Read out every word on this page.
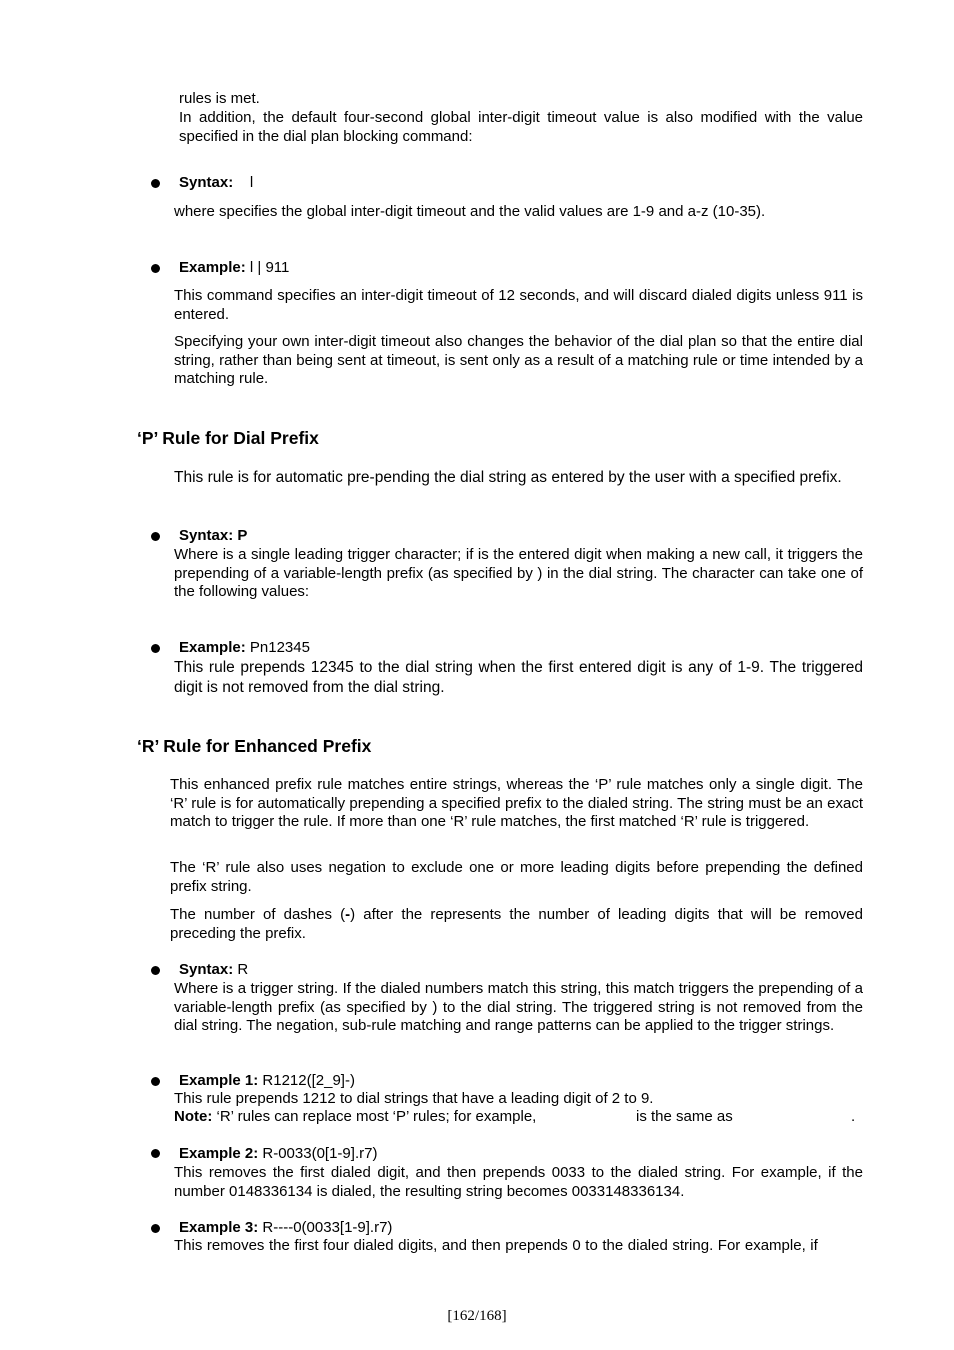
rules is met.
In addition, the default four-second global inter-digit timeout value is also modified with the value specified in the dial plan blocking command:
Syntax: l
where specifies the global inter-digit timeout and the valid values are 1-9 and a-z (10-35).
Example: l | 911
This command specifies an inter-digit timeout of 12 seconds, and will discard dialed digits unless 911 is entered.
Specifying your own inter-digit timeout also changes the behavior of the dial plan so that the entire dial string, rather than being sent at timeout, is sent only as a result of a matching rule or time intended by a matching rule.
‘P’ Rule for Dial Prefix
This rule is for automatic pre-pending the dial string as entered by the user with a specified prefix.
Syntax: P
Where is a single leading trigger character; if is the entered digit when making a new call, it triggers the prepending of a variable-length prefix (as specified by ) in the dial string. The character can take one of the following values:
Example: Pn12345
This rule prepends 12345 to the dial string when the first entered digit is any of 1-9. The triggered digit is not removed from the dial string.
‘R’ Rule for Enhanced Prefix
This enhanced prefix rule matches entire strings, whereas the ‘P’ rule matches only a single digit. The ‘R’ rule is for automatically prepending a specified prefix to the dialed string. The string must be an exact match to trigger the rule. If more than one ‘R’ rule matches, the first matched ‘R’ rule is triggered.
The ‘R’ rule also uses negation to exclude one or more leading digits before prepending the defined prefix string.
The number of dashes (-) after the represents the number of leading digits that will be removed preceding the prefix.
Syntax: R
Where is a trigger string. If the dialed numbers match this string, this match triggers the prepending of a variable-length prefix (as specified by ) to the dial string. The triggered string is not removed from the dial string. The negation, sub-rule matching and range patterns can be applied to the trigger strings.
Example 1: R1212([2_9]-)
This rule prepends 1212 to dial strings that have a leading digit of 2 to 9.
Note: ‘R’ rules can replace most ‘P’ rules; for example,	is the same as	.
Example 2: R-0033(0[1-9].r7)
This removes the first dialed digit, and then prepends 0033 to the dialed string. For example, if the number 0148336134 is dialed, the resulting string becomes 0033148336134.
Example 3: R----0(0033[1-9].r7)
This removes the first four dialed digits, and then prepends 0 to the dialed string. For example, if
[162/168]
